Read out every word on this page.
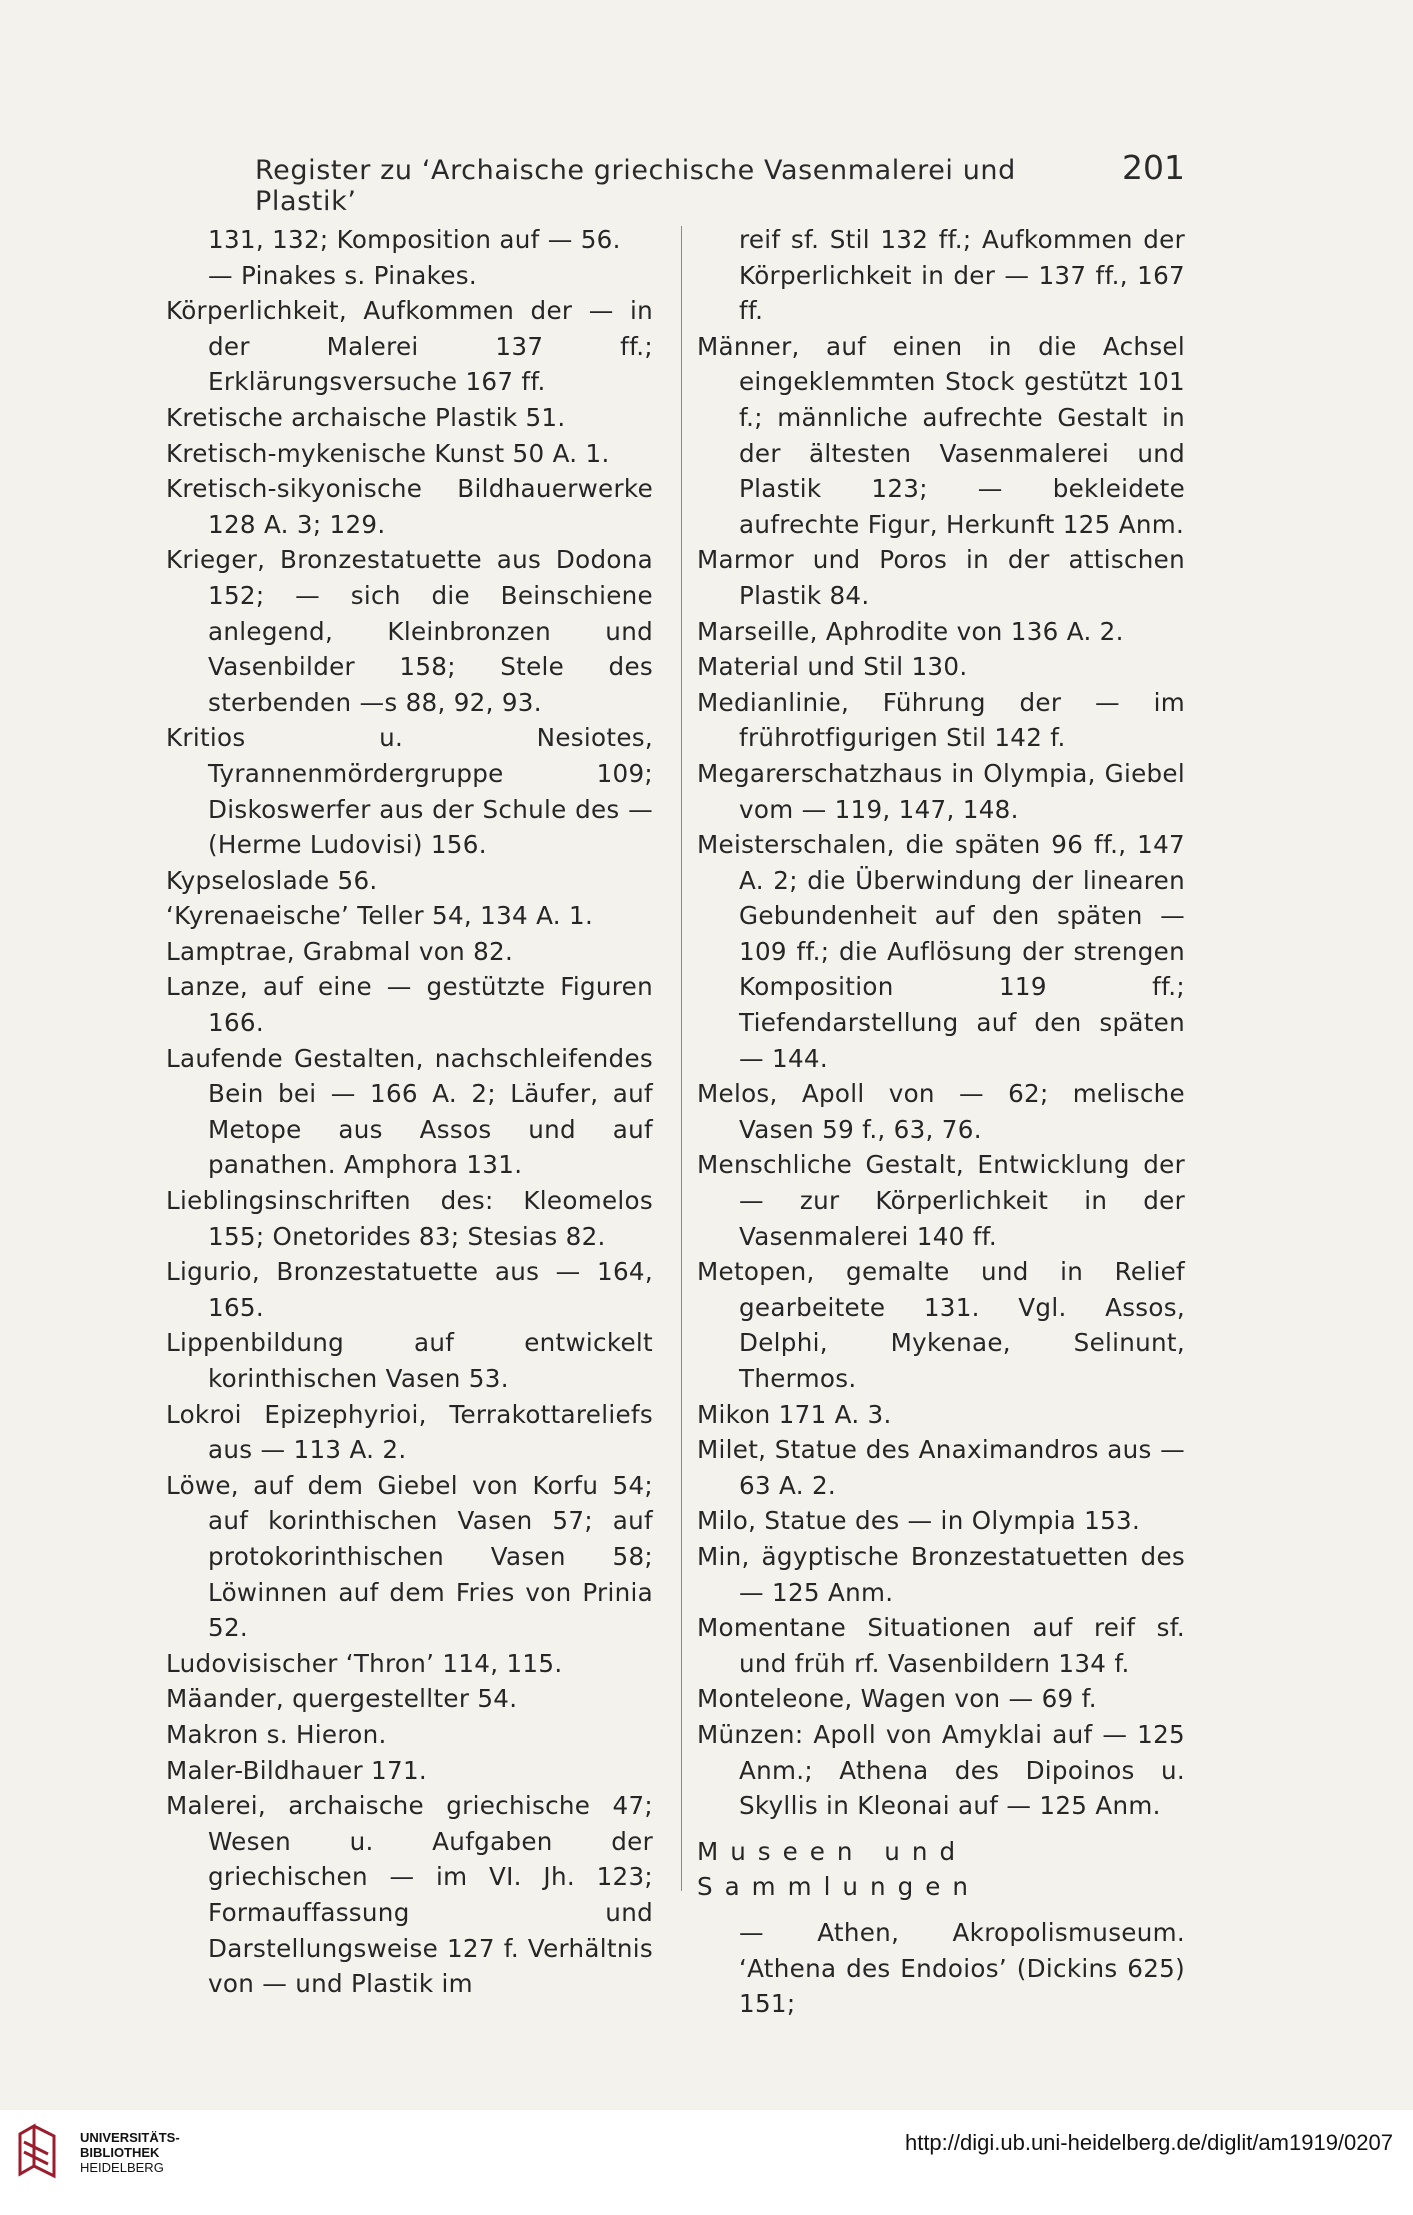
Register zu ‘Archaische griechische Vasenmalerei und Plastik’
201

131, 132; Komposition auf — 56.

— Pinakes s. Pinakes.

Körperlichkeit, Aufkommen der — in der Malerei 137 ff.; Erklärungsversuche 167 ff.

Kretische archaische Plastik 51.

Kretisch-mykenische Kunst 50 A. 1.

Kretisch-sikyonische Bildhauerwerke 128 A. 3; 129.

Krieger, Bronzestatuette aus Dodona 152; — sich die Beinschiene anlegend, Kleinbronzen und Vasenbilder 158; Stele des sterbenden —s 88, 92, 93.

Kritios u. Nesiotes, Tyrannenmördergruppe 109; Diskoswerfer aus der Schule des — (Herme Ludovisi) 156.

Kypseloslade 56.

‘Kyrenaeische’ Teller 54, 134 A. 1.

Lamptrae, Grabmal von 82.

Lanze, auf eine — gestützte Figuren 166.

Laufende Gestalten, nachschleifendes Bein bei — 166 A. 2; Läufer, auf Metope aus Assos und auf panathen. Amphora 131.

Lieblingsinschriften des: Kleomelos 155; Onetorides 83; Stesias 82.

Ligurio, Bronzestatuette aus — 164, 165.

Lippenbildung auf entwickelt korinthischen Vasen 53.

Lokroi Epizephyrioi, Terrakottareliefs aus — 113 A. 2.

Löwe, auf dem Giebel von Korfu 54; auf korinthischen Vasen 57; auf protokorinthischen Vasen 58; Löwinnen auf dem Fries von Prinia 52.

Ludovisischer ‘Thron’ 114, 115.

Mäander, quergestellter 54.

Makron s. Hieron.

Maler-Bildhauer 171.

Malerei, archaische griechische 47; Wesen u. Aufgaben der griechischen — im VI. Jh. 123; Formauffassung und Darstellungsweise 127 f. Verhältnis von — und Plastik im

reif sf. Stil 132 ff.; Aufkommen der Körperlichkeit in der — 137 ff., 167 ff.

Männer, auf einen in die Achsel eingeklemmten Stock gestützt 101 f.; männliche aufrechte Gestalt in der ältesten Vasenmalerei und Plastik 123; — bekleidete aufrechte Figur, Herkunft 125 Anm.

Marmor und Poros in der attischen Plastik 84.

Marseille, Aphrodite von 136 A. 2.

Material und Stil 130.

Medianlinie, Führung der — im frührotfigurigen Stil 142 f.

Megarerschatzhaus in Olympia, Giebel vom — 119, 147, 148.

Meisterschalen, die späten 96 ff., 147 A. 2; die Überwindung der linearen Gebundenheit auf den späten — 109 ff.; die Auflösung der strengen Komposition 119 ff.; Tiefendarstellung auf den späten — 144.

Melos, Apoll von — 62; melische Vasen 59 f., 63, 76.

Menschliche Gestalt, Entwicklung der — zur Körperlichkeit in der Vasenmalerei 140 ff.

Metopen, gemalte und in Relief gearbeitete 131. Vgl. Assos, Delphi, Mykenae, Selinunt, Thermos.

Mikon 171 A. 3.

Milet, Statue des Anaximandros aus — 63 A. 2.

Milo, Statue des — in Olympia 153.

Min, ägyptische Bronzestatuetten des — 125 Anm.

Momentane Situationen auf reif sf. und früh rf. Vasenbildern 134 f.

Monteleone, Wagen von — 69 f.

Münzen: Apoll von Amyklai auf — 125 Anm.; Athena des Dipoinos u. Skyllis in Kleonai auf — 125 Anm.

Museen und Sammlungen

— Athen, Akropolismuseum. ‘Athena des Endoios’ (Dickins 625) 151;

UNIVERSITÄTS-
BIBLIOTHEK
HEIDELBERG
http://digi.ub.uni-heidelberg.de/diglit/am1919/0207
